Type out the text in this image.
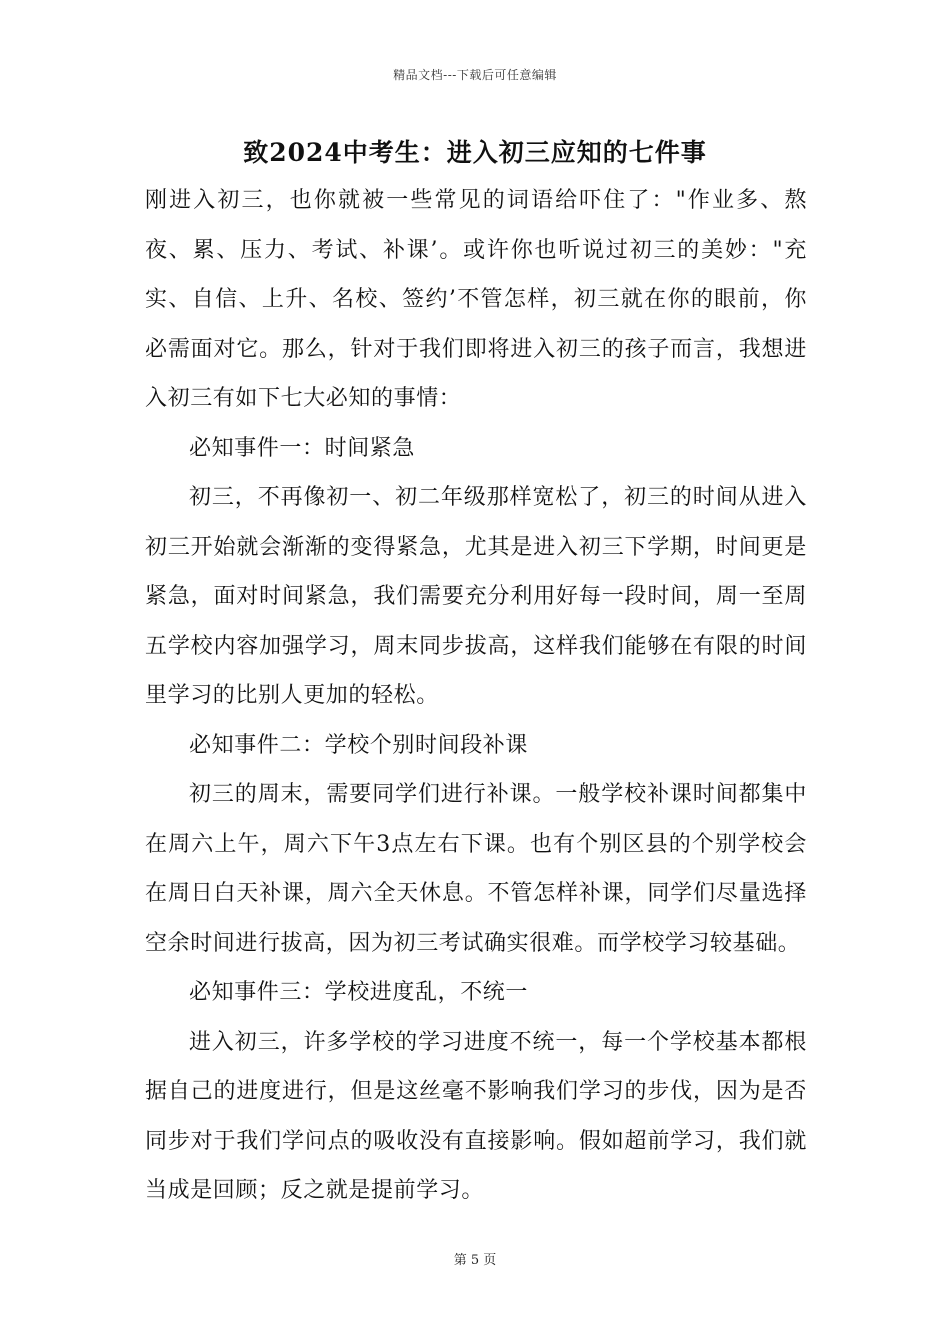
精品文档---下载后可任意编辑
致2024中考生：进入初三应知的七件事

刚进入初三，也你就被一些常见的词语给吓住了："作业多、熬夜、累、压力、考试、补课’。或许你也听说过初三的美妙："充实、自信、上升、名校、签约’不管怎样，初三就在你的眼前，你必需面对它。那么，针对于我们即将进入初三的孩子而言，我想进入初三有如下七大必知的事情：

必知事件一：时间紧急

初三，不再像初一、初二年级那样宽松了，初三的时间从进入初三开始就会渐渐的变得紧急，尤其是进入初三下学期，时间更是紧急，面对时间紧急，我们需要充分利用好每一段时间，周一至周五学校内容加强学习，周末同步拔高，这样我们能够在有限的时间里学习的比别人更加的轻松。

必知事件二：学校个别时间段补课

初三的周末，需要同学们进行补课。一般学校补课时间都集中在周六上午，周六下午3点左右下课。也有个别区县的个别学校会在周日白天补课，周六全天休息。不管怎样补课，同学们尽量选择空余时间进行拔高，因为初三考试确实很难。而学校学习较基础。

必知事件三：学校进度乱，不统一

进入初三，许多学校的学习进度不统一，每一个学校基本都根据自己的进度进行，但是这丝毫不影响我们学习的步伐，因为是否同步对于我们学问点的吸收没有直接影响。假如超前学习，我们就当成是回顾；反之就是提前学习。

第 5 页
